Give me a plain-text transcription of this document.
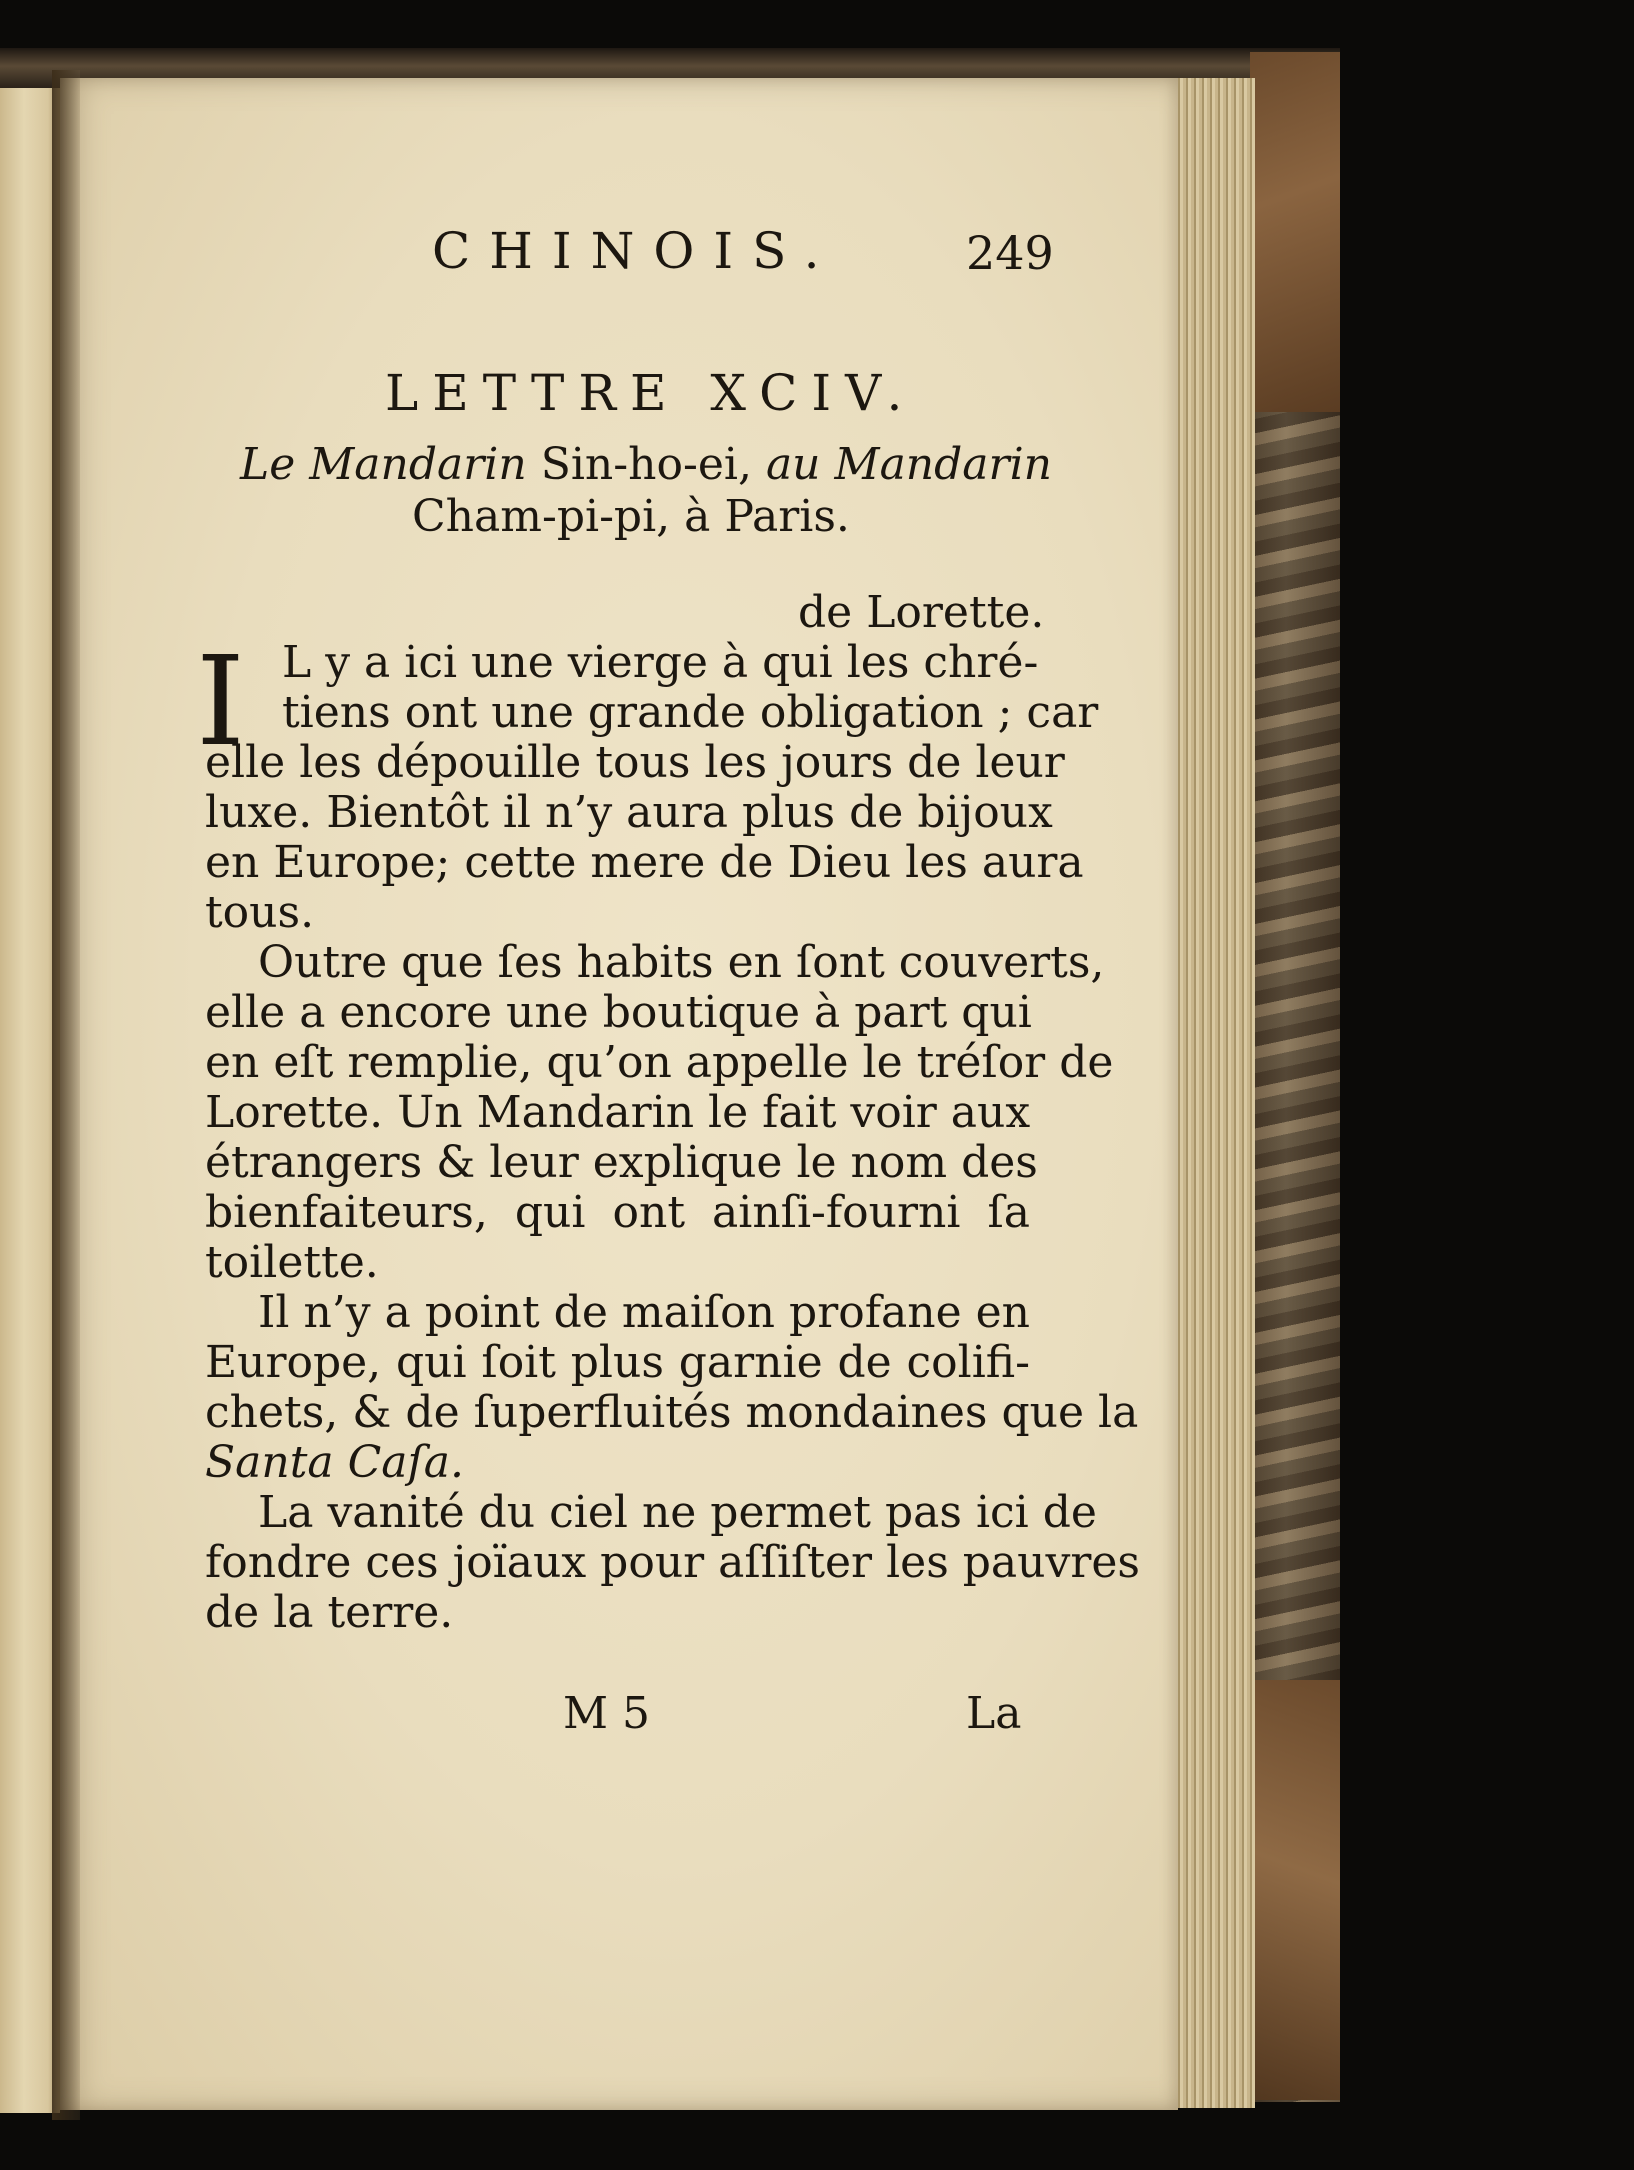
CHINOIS.	249
LETTRE XCIV.
Le Mandarin Sin-ho-ei, au Mandarin
Cham-pi-pi, à Paris.
de Lorette.
I L y a ici une vierge à qui les chré-
tiens ont une grande obligation ; car
elle les dépouille tous les jours de leur
luxe. Bientôt il n’y aura plus de bijoux
en Europe; cette mere de Dieu les aura
tous.
Outre que ſes habits en ſont couverts,
elle a encore une boutique à part qui
en eſt remplie, qu’on appelle le tréſor de
Lorette. Un Mandarin le fait voir aux
étrangers & leur explique le nom des
bienfaiteurs, qui ont ainſi-fourni ſa
toilette.
Il n’y a point de maiſon profane en
Europe, qui ſoit plus garnie de colifi-
chets, & de ſuperfluités mondaines que la
Santa Caſa.
La vanité du ciel ne permet pas ici de
fondre ces joïaux pour aſſiſter les pauvres
de la terre.
M 5	La
